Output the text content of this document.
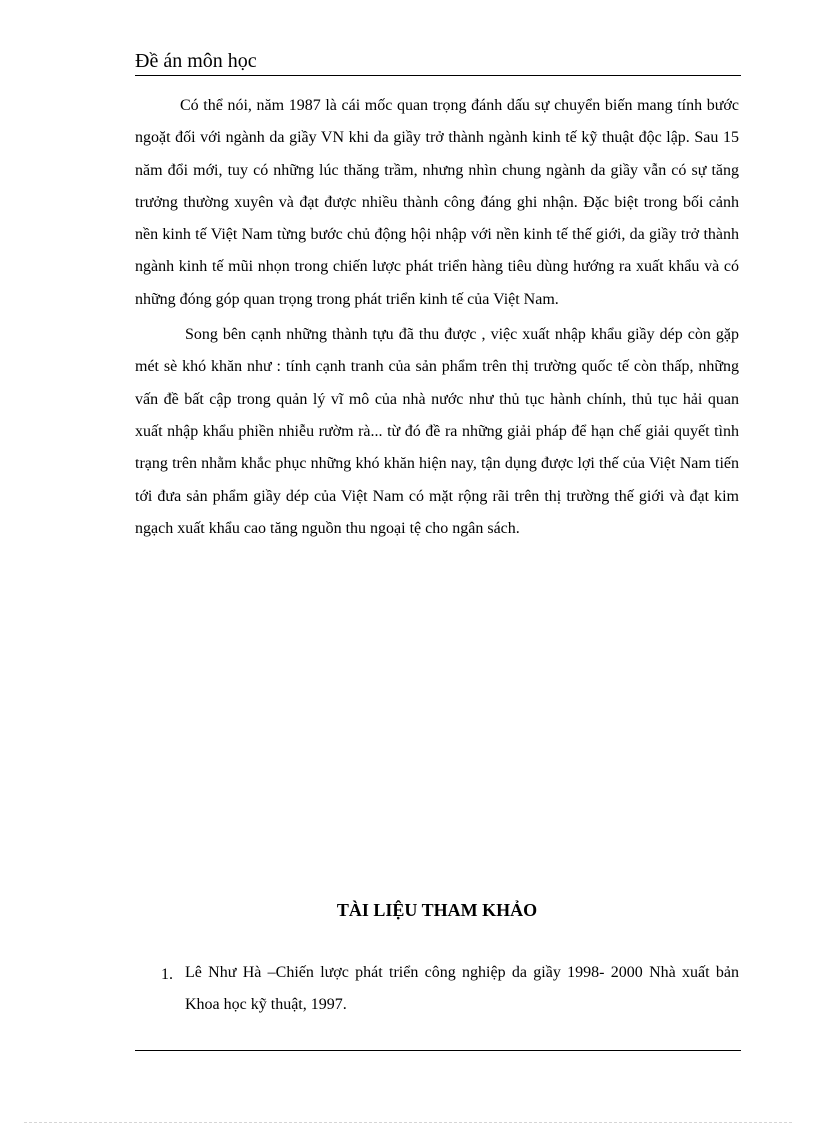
Đề án môn học

Có thể nói, năm 1987 là cái mốc quan trọng đánh dấu sự chuyển biến mang tính bước ngoặt đối với ngành da giầy VN khi da giầy trở thành ngành kinh tế kỹ thuật độc lập. Sau 15 năm đổi mới, tuy có những lúc thăng trầm, nhưng nhìn chung ngành da giầy vẫn có sự tăng trưởng thường xuyên và đạt được nhiều thành công đáng ghi nhận. Đặc biệt trong bối cảnh nền kinh tế Việt Nam từng bước chủ động hội nhập với nền kinh tế thế giới, da giầy trở thành ngành kinh tế mũi nhọn trong chiến lược phát triển hàng tiêu dùng hướng ra xuất khẩu và có những đóng góp quan trọng trong phát triển kinh tế của Việt Nam.

Song bên cạnh những thành tựu đã thu được , việc xuất nhập khẩu giầy dép còn gặp mét sè khó khăn như : tính cạnh tranh của sản phẩm trên thị trường quốc tế còn thấp, những vấn đề bất cập trong quản lý vĩ mô của nhà nước như thủ tục hành chính, thủ tục hải quan xuất nhập khẩu phiền nhiễu rườm rà... từ đó đề ra những giải pháp để hạn chế giải quyết tình trạng trên nhằm khắc phục những khó khăn hiện nay, tận dụng được lợi thế của Việt Nam tiến tới đưa sản phẩm giầy dép của Việt Nam có mặt rộng rãi trên thị trường thế giới và đạt kim ngạch xuất khẩu cao tăng nguồn thu ngoại tệ cho ngân sách.

TÀI LIỆU THAM KHẢO
1. Lê Như Hà –Chiến lược phát triển công nghiệp da giầy 1998- 2000 Nhà xuất bản Khoa học kỹ thuật, 1997.
